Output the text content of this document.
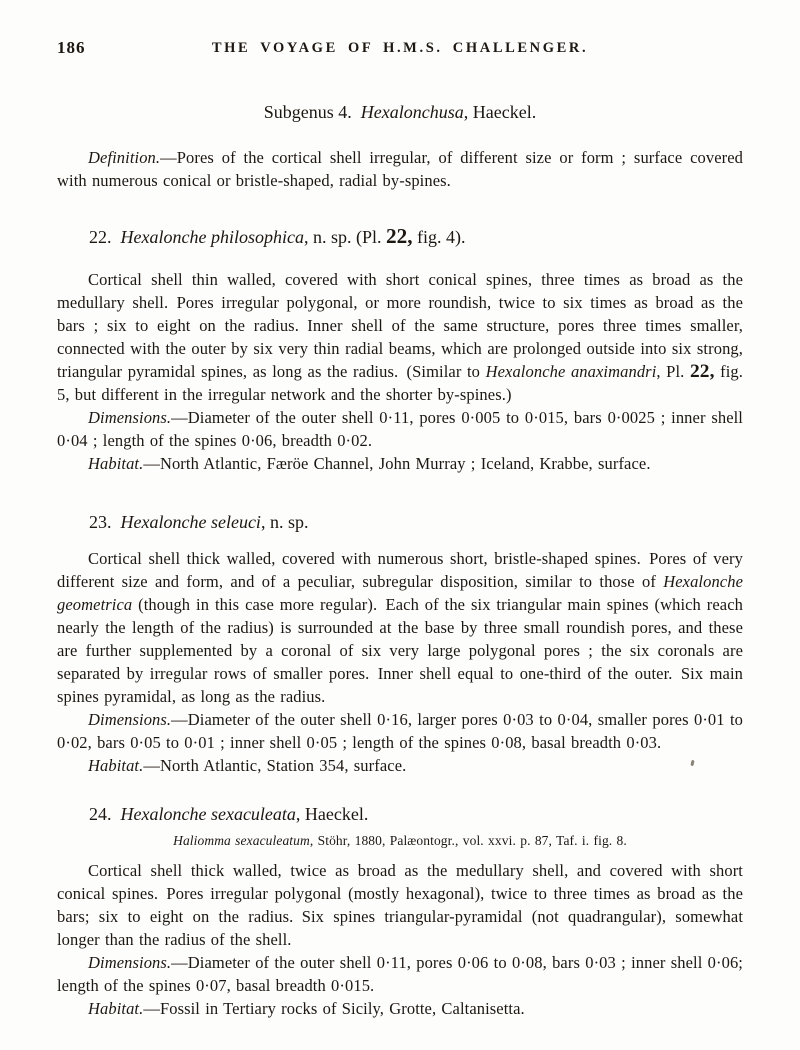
186	THE VOYAGE OF H.M.S. CHALLENGER.
Subgenus 4. Hexalonchusa, Haeckel.

Definition.—Pores of the cortical shell irregular, of different size or form ; surface covered with numerous conical or bristle-shaped, radial by-spines.

22. Hexalonche philosophica, n. sp. (Pl. 22, fig. 4).

Cortical shell thin walled, covered with short conical spines, three times as broad as the medullary shell. Pores irregular polygonal, or more roundish, twice to six times as broad as the bars ; six to eight on the radius. Inner shell of the same structure, pores three times smaller, connected with the outer by six very thin radial beams, which are prolonged outside into six strong, triangular pyramidal spines, as long as the radius. (Similar to Hexalonche anaximandri, Pl. 22, fig. 5, but different in the irregular network and the shorter by-spines.)

Dimensions.—Diameter of the outer shell 0·11, pores 0·005 to 0·015, bars 0·0025 ; inner shell 0·04 ; length of the spines 0·06, breadth 0·02.

Habitat.—North Atlantic, Færöe Channel, John Murray ; Iceland, Krabbe, surface.

23. Hexalonche seleuci, n. sp.

Cortical shell thick walled, covered with numerous short, bristle-shaped spines. Pores of very different size and form, and of a peculiar, subregular disposition, similar to those of Hexalonche geometrica (though in this case more regular). Each of the six triangular main spines (which reach nearly the length of the radius) is surrounded at the base by three small roundish pores, and these are further supplemented by a coronal of six very large polygonal pores ; the six coronals are separated by irregular rows of smaller pores. Inner shell equal to one-third of the outer. Six main spines pyramidal, as long as the radius.

Dimensions.—Diameter of the outer shell 0·16, larger pores 0·03 to 0·04, smaller pores 0·01 to 0·02, bars 0·05 to 0·01 ; inner shell 0·05 ; length of the spines 0·08, basal breadth 0·03.

Habitat.—North Atlantic, Station 354, surface.

24. Hexalonche sexaculeata, Haeckel.

Haliomma sexaculeatum, Stöhr, 1880, Palæontogr., vol. xxvi. p. 87, Taf. i. fig. 8.

Cortical shell thick walled, twice as broad as the medullary shell, and covered with short conical spines. Pores irregular polygonal (mostly hexagonal), twice to three times as broad as the bars; six to eight on the radius. Six spines triangular-pyramidal (not quadrangular), somewhat longer than the radius of the shell.

Dimensions.—Diameter of the outer shell 0·11, pores 0·06 to 0·08, bars 0·03 ; inner shell 0·06; length of the spines 0·07, basal breadth 0·015.

Habitat.—Fossil in Tertiary rocks of Sicily, Grotte, Caltanisetta.
